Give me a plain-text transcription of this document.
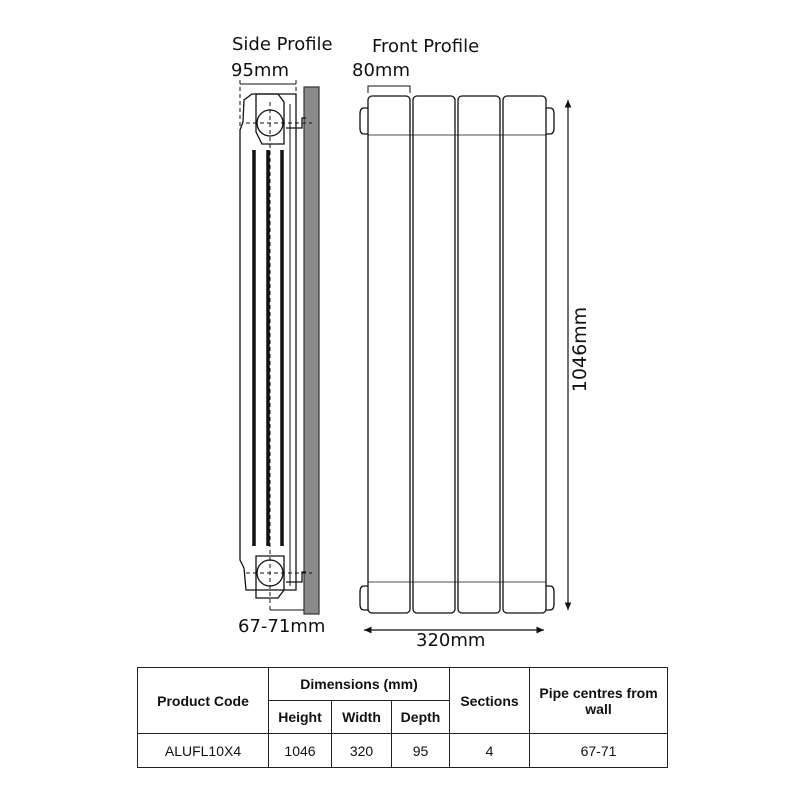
Side Profile Front Profile
95mm	80mm
67-71mm
320mm
1046mm
Product Code	Dimensions (mm)			Sections	Pipe centres from wall
	Height	Width	Depth		
ALUFL10X4	1046	320	95	4	67-71
